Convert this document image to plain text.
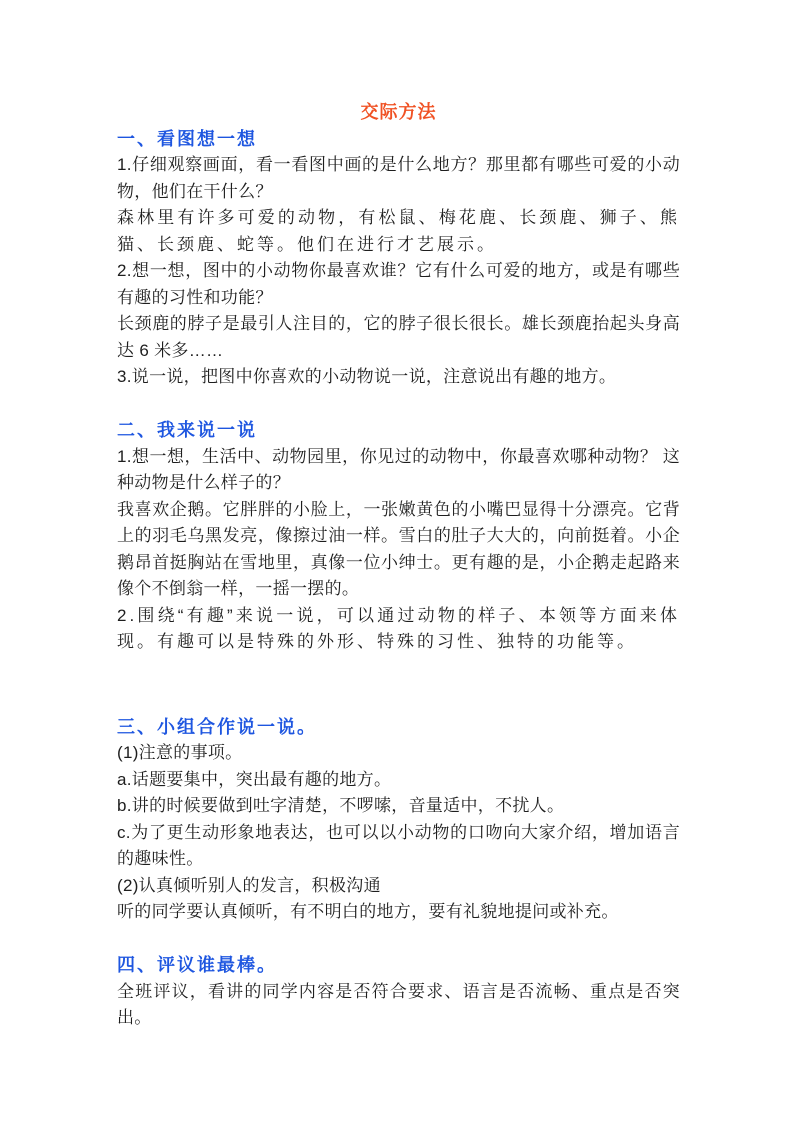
交际方法
一、看图想一想

1.仔细观察画面，看一看图中画的是什么地方？那里都有哪些可爱的小动物，他们在干什么？

森林里有许多可爱的动物，有松鼠、梅花鹿、长颈鹿、狮子、熊猫、长颈鹿、蛇等。他们在进行才艺展示。

2.想一想，图中的小动物你最喜欢谁？它有什么可爱的地方，或是有哪些有趣的习性和功能？

长颈鹿的脖子是最引人注目的，它的脖子很长很长。雄长颈鹿抬起头身高达 6 米多……

3.说一说，把图中你喜欢的小动物说一说，注意说出有趣的地方。

二、我来说一说

1.想一想，生活中、动物园里，你见过的动物中，你最喜欢哪种动物？ 这种动物是什么样子的？

我喜欢企鹅。它胖胖的小脸上，一张嫩黄色的小嘴巴显得十分漂亮。它背上的羽毛乌黑发亮，像擦过油一样。雪白的肚子大大的，向前挺着。小企鹅昂首挺胸站在雪地里，真像一位小绅士。更有趣的是，小企鹅走起路来像个不倒翁一样，一摇一摆的。

2.围绕“有趣”来说一说，可以通过动物的样子、本领等方面来体现。有趣可以是特殊的外形、特殊的习性、独特的功能等。

三、小组合作说一说。

(1)注意的事项。

a.话题要集中，突出最有趣的地方。

b.讲的时候要做到吐字清楚，不啰嗦，音量适中，不扰人。

c.为了更生动形象地表达，也可以以小动物的口吻向大家介绍，增加语言的趣味性。

(2)认真倾听别人的发言，积极沟通

听的同学要认真倾听，有不明白的地方，要有礼貌地提问或补充。

四、评议谁最棒。

全班评议，看讲的同学内容是否符合要求、语言是否流畅、重点是否突出。
